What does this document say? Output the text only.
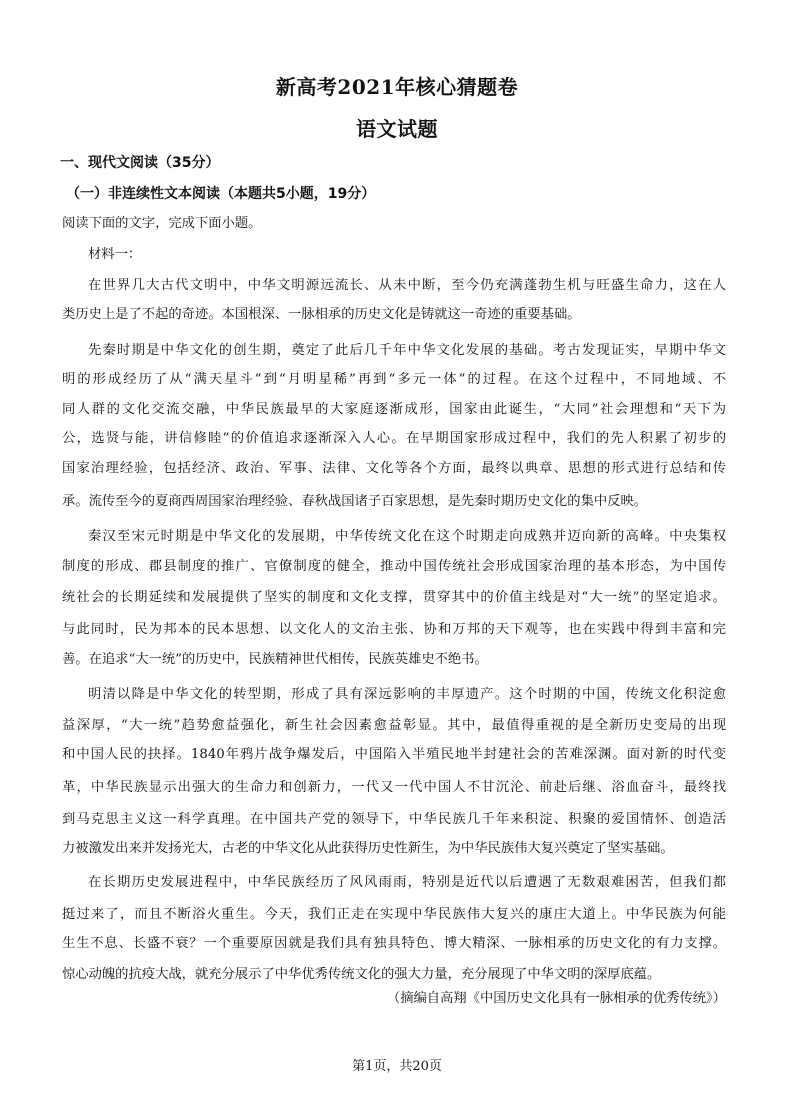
新高考2021年核心猜题卷
语文试题
一、现代文阅读（35分）
（一）非连续性文本阅读（本题共5小题，19分）
阅读下面的文字，完成下面小题。
材料一：
在世界几大古代文明中，中华文明源远流长、从未中断，至今仍充满蓬勃生机与旺盛生命力，这在人
类历史上是了不起的奇迹。本国根深、一脉相承的历史文化是铸就这一奇迹的重要基础。
先秦时期是中华文化的创生期，奠定了此后几千年中华文化发展的基础。考古发现证实，早期中华文
明的形成经历了从“满天星斗”到“月明星稀”再到“多元一体”的过程。在这个过程中，不同地域、不
同人群的文化交流交融，中华民族最早的大家庭逐渐成形，国家由此诞生，“大同”社会理想和“天下为
公，选贤与能，讲信修睦”的价值追求逐渐深入人心。在早期国家形成过程中，我们的先人积累了初步的
国家治理经验，包括经济、政治、军事、法律、文化等各个方面，最终以典章、思想的形式进行总结和传
承。流传至今的夏商西周国家治理经验、春秋战国诸子百家思想，是先秦时期历史文化的集中反映。
秦汉至宋元时期是中华文化的发展期，中华传统文化在这个时期走向成熟并迈向新的高峰。中央集权
制度的形成、郡县制度的推广、官僚制度的健全，推动中国传统社会形成国家治理的基本形态，为中国传
统社会的长期延续和发展提供了坚实的制度和文化支撑，贯穿其中的价值主线是对“大一统”的坚定追求。
与此同时，民为邦本的民本思想、以文化人的文治主张、协和万邦的天下观等，也在实践中得到丰富和完
善。在追求“大一统”的历史中，民族精神世代相传，民族英雄史不绝书。
明清以降是中华文化的转型期，形成了具有深远影响的丰厚遗产。这个时期的中国，传统文化积淀愈
益深厚，“大一统”趋势愈益强化，新生社会因素愈益彰显。其中，最值得重视的是全新历史变局的出现
和中国人民的抉择。1840年鸦片战争爆发后，中国陷入半殖民地半封建社会的苦难深渊。面对新的时代变
革，中华民族显示出强大的生命力和创新力，一代又一代中国人不甘沉沦、前赴后继、浴血奋斗，最终找
到马克思主义这一科学真理。在中国共产党的领导下，中华民族几千年来积淀、积聚的爱国情怀、创造活
力被激发出来并发扬光大，古老的中华文化从此获得历史性新生，为中华民族伟大复兴奠定了坚实基础。
在长期历史发展进程中，中华民族经历了风风雨雨，特别是近代以后遭遇了无数艰难困苦，但我们都
挺过来了，而且不断浴火重生。今天，我们正走在实现中华民族伟大复兴的康庄大道上。中华民族为何能
生生不息、长盛不衰？一个重要原因就是我们具有独具特色、博大精深、一脉相承的历史文化的有力支撑。
惊心动魄的抗疫大战，就充分展示了中华优秀传统文化的强大力量，充分展现了中华文明的深厚底蕴。
（摘编自高翔《中国历史文化具有一脉相承的优秀传统》）
第1页，共20页
